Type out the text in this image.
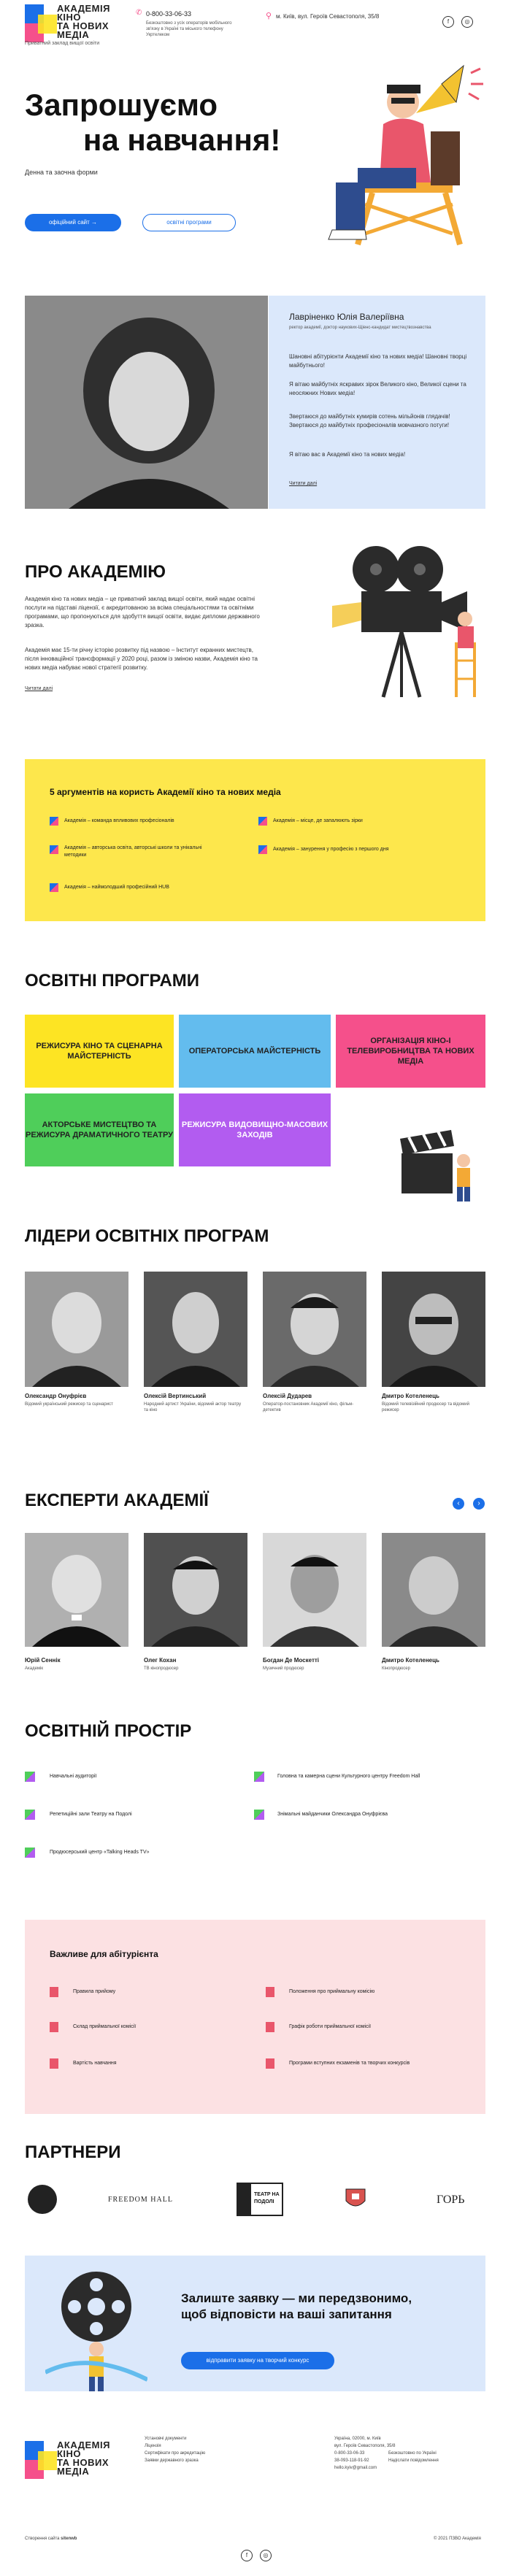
АКАДЕМІЯ
КІНО
ТА НОВИХ
МЕДІА
Приватний заклад вищої освіти
✆ 0-800-33-06-33
Безкоштовно з усіх операторів мобільного зв'язку в Україні та міського телефону Укртелеком
⚲ м. Київ, вул. Героїв Севастополя, 35/8
f	◎
Запрошуємо
на навчання!
Денна та заочна форми
офіційний сайт →	освітні програми
Лавріненко Юлія Валеріївна
ректор академії, доктор наукових-Щіенс-кандидат мистецтвознавства
Шановні абітурієнти Академії кіно та нових медіа! Шановні творці майбутнього!
Я вітаю майбутніх яскравих зірок Великого кіно, Великої сцени та неосяжних Нових медіа!
Звертаюся до майбутніх кумирів сотень мільйонів глядачів! Звертаюся до майбутніх професіоналів мовчазного потуги!
Я вітаю вас в Академії кіно та нових медіа!
Читати далі
ПРО АКАДЕМІЮ
Академія кіно та нових медіа – це приватний заклад вищої освіти, який надає освітні послуги на підставі ліцензії, є акредитованою за всіма спеціальностями та освітніми програмами, що пропонуються для здобуття вищої освіти, видає дипломи державного зразка.
Академія має 15-ти річну історію розвитку під назвою – Інститут екранних мистецтв, після інноваційної трансформації у 2020 році, разом із зміною назви, Академія кіно та нових медіа набуває нової стратегії розвитку.
Читати далі
5 аргументів на користь Академії кіно та нових медіа
Академія – команда впливових професіоналів	Академія – місце, де запалюють зірки
Академія – авторська освіта, авторські школи та унікальні методики
Академія – занурення у професію з першого дня
Академія – наймолодший професійний HUB
ОСВІТНІ ПРОГРАМИ
РЕЖИСУРА КІНО ТА СЦЕНАРНА МАЙСТЕРНІСТЬ
ОПЕРАТОРСЬКА МАЙСТЕРНІСТЬ
ОРГАНІЗАЦІЯ КІНО-І ТЕЛЕВИРОБНИЦТВА ТА НОВИХ МЕДІА
АКТОРСЬКЕ МИСТЕЦТВО ТА РЕЖИСУРА ДРАМАТИЧНОГО ТЕАТРУ
РЕЖИСУРА ВИДОВИЩНО-МАСОВИХ ЗАХОДІВ
ЛІДЕРИ ОСВІТНІХ ПРОГРАМ
Олександр Онуфрієв
Відомий український режисер та сценарист
Олексій Вертинський
Народний артист України, відомий актор театру та кіно
Олексій Дударев
Оператор-постановник Академії кіно, фільм-детектив
Дмитро Котеленець
Відомий телевізійний продюсер та відомий режисер
ЕКСПЕРТИ АКАДЕМІЇ	‹	›
Юрій Сеннік
Академік
Олег Кохан
ТВ кінопродюсер
Богдан Де Москетті
Музичний продюсер
Дмитро Котеленець
Кінопродюсер
ОСВІТНІЙ ПРОСТІР
Навчальні аудиторії	Головна та камерна сцени Культурного центру Freedom Hall
Репетиційні зали Театру на Подолі	Знімальні майданчики Олександра Онуфрієва
Продюсерський центр «Talking Heads TV»
Важливе для абітурієнта
Правила прийому	Положення про приймальну комісію
Склад приймальної комісії	Графік роботи приймальної комісії
Вартість навчання	Програми вступних екзаменів та творчих конкурсів
ПАРТНЕРИ
FREEDOM HALL
ТЕАТР НА ПОДОЛІ	ГОРЬ
Залиште заявку — ми передзвонимо,
щоб відповісти на ваші запитання
відправити заявку на творчий конкурс
АКАДЕМІЯ
КІНО
ТА НОВИХ
МЕДІА
Установчі документи
Ліцензія
Сертифікати про акредитацію
Заявки державного зразка
Україна, 02000, м. Київ
вул. Героїв Севастополя, 35/8
0-800-33-06-33
38-093-118-91-92
hello.kyiv@gmail.com
Безкоштовно по Україні
Надіслати повідомлення
Створення сайта sitenwb
f	◎
© 2021 ПЗВО Академія
